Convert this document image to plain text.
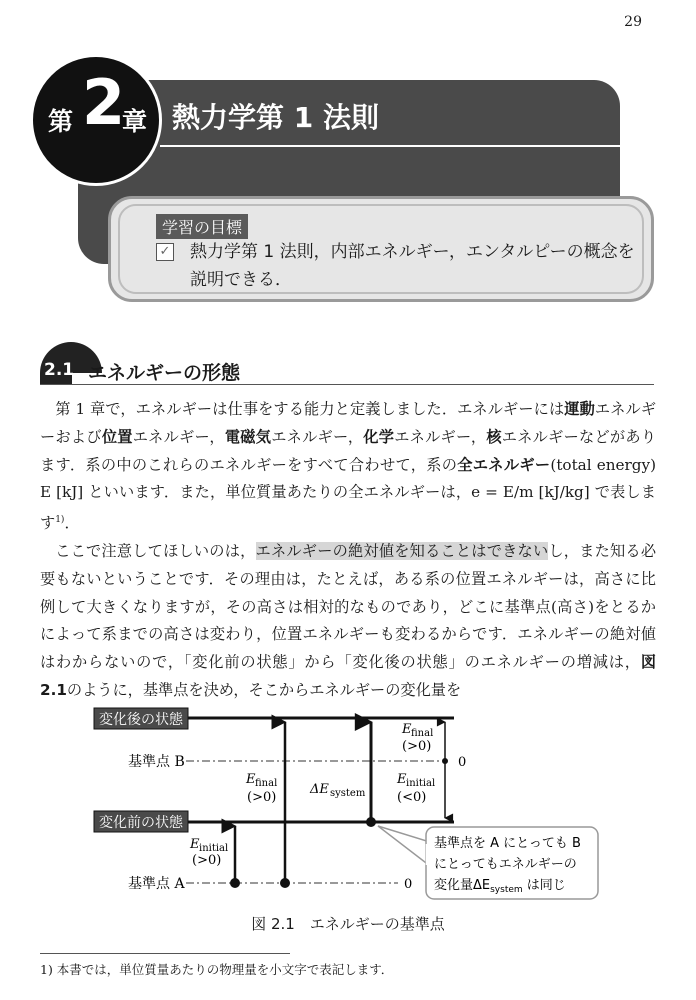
29
第 2
章 熱力学第 1 法則
学習の目標
✓ 熱力学第 1 法則，内部エネルギー，エンタルピーの概念を説明できる．
2.1 エネルギーの形態

第 1 章で，エネルギーは仕事をする能力と定義しました．エネルギーには運動エネルギーおよび位置エネルギー，電磁気エネルギー，化学エネルギー，核エネルギーなどがあります．系の中のこれらのエネルギーをすべて合わせて，系の全エネルギー(total energy) E [kJ] といいます．また，単位質量あたりの全エネルギーは，e = E/m [kJ/kg] で表します$^{1)}$．

ここで注意してほしいのは，エネルギーの絶対値を知ることはできないし，また知る必要もないということです．その理由は，たとえば，ある系の位置エネルギーは，高さに比例して大きくなりますが，その高さは相対的なものであり，どこに基準点(高さ)をとるかによって系までの高さは変わり，位置エネルギーも変わるからです．エネルギーの絶対値はわからないので，「変化前の状態」から「変化後の状態」のエネルギーの増減は，図 2.1のように，基準点を決め，そこからエネルギーの変化量を

変化後の状態
変化前の状態
基準点 B
基準点 A
0
0
E initial
E final	ΔE system
E final
E initial
(>0)
(>0)
(>0)
(<0)
基準点を A にとっても B
にとってもエネルギーの
変化量$\Delta E_{system}$ は同じ
図 2.1　エネルギーの基準点
1) 本書では，単位質量あたりの物理量を小文字で表記します．
